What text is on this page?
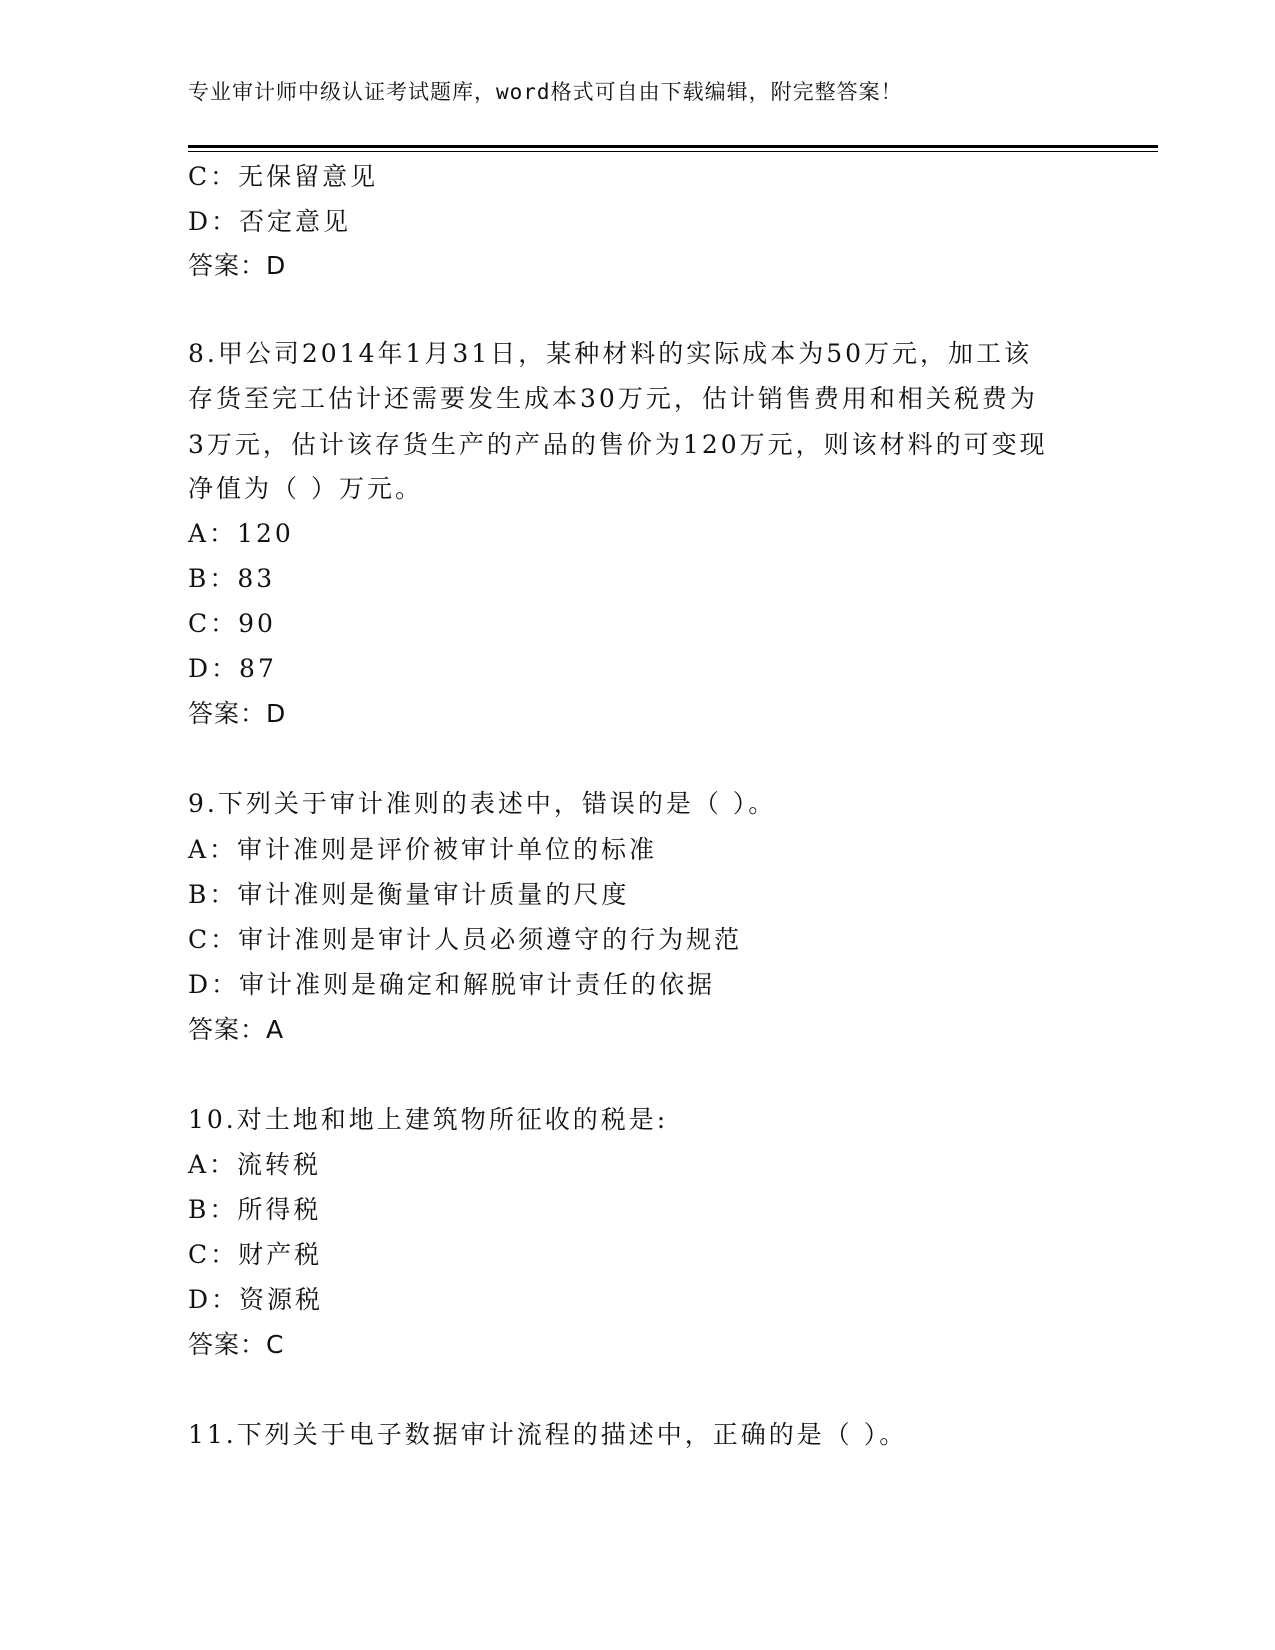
专业审计师中级认证考试题库，word格式可自由下载编辑，附完整答案！
C：无保留意见
D：否定意见
答案：D
8.甲公司2014年1月31日，某种材料的实际成本为50万元，加工该
存货至完工估计还需要发生成本30万元，估计销售费用和相关税费为
3万元，估计该存货生产的产品的售价为120万元，则该材料的可变现
净值为（ ）万元。
A：120
B：83
C：90
D：87
答案：D
9.下列关于审计准则的表述中，错误的是（ ）。
A：审计准则是评价被审计单位的标准
B：审计准则是衡量审计质量的尺度
C：审计准则是审计人员必须遵守的行为规范
D：审计准则是确定和解脱审计责任的依据
答案：A
10.对土地和地上建筑物所征收的税是:
A：流转税
B：所得税
C：财产税
D：资源税
答案：C
11.下列关于电子数据审计流程的描述中，正确的是（ ）。
